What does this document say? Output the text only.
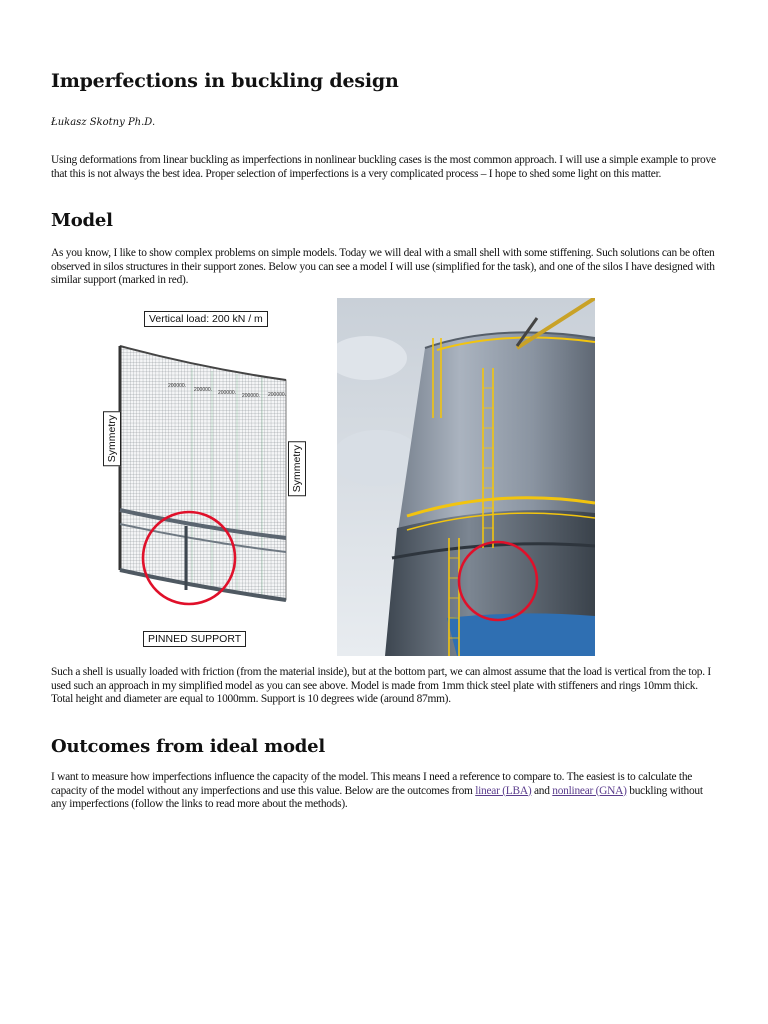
Imperfections in buckling design

Łukasz Skotny Ph.D.

Using deformations from linear buckling as imperfections in nonlinear buckling cases is the most common approach. I will use a simple example to prove that this is not always the best idea. Proper selection of imperfections is a very complicated process – I hope to shed some light on this matter.

Model

As you know, I like to show complex problems on simple models. Today we will deal with a small shell with some stiffening. Such solutions can be often observed in silos structures in their support zones. Below you can see a model I will use (simplified for the task), and one of the silos I have designed with similar support (marked in red).

200000.
200000. 200000. 200000. 200000.
Vertical load: 200 kN / m
Symmetry
Symmetry
PINNED SUPPORT

Such a shell is usually loaded with friction (from the material inside), but at the bottom part, we can almost assume that the load is vertical from the top. I used such an approach in my simplified model as you can see above. Model is made from 1mm thick steel plate with stiffeners and rings 10mm thick. Total height and diameter are equal to 1000mm. Support is 10 degrees wide (around 87mm).

Outcomes from ideal model

I want to measure how imperfections influence the capacity of the model. This means I need a reference to compare to. The easiest is to calculate the capacity of the model without any imperfections and use this value. Below are the outcomes from linear (LBA) and nonlinear (GNA) buckling without any imperfections (follow the links to read more about the methods).
